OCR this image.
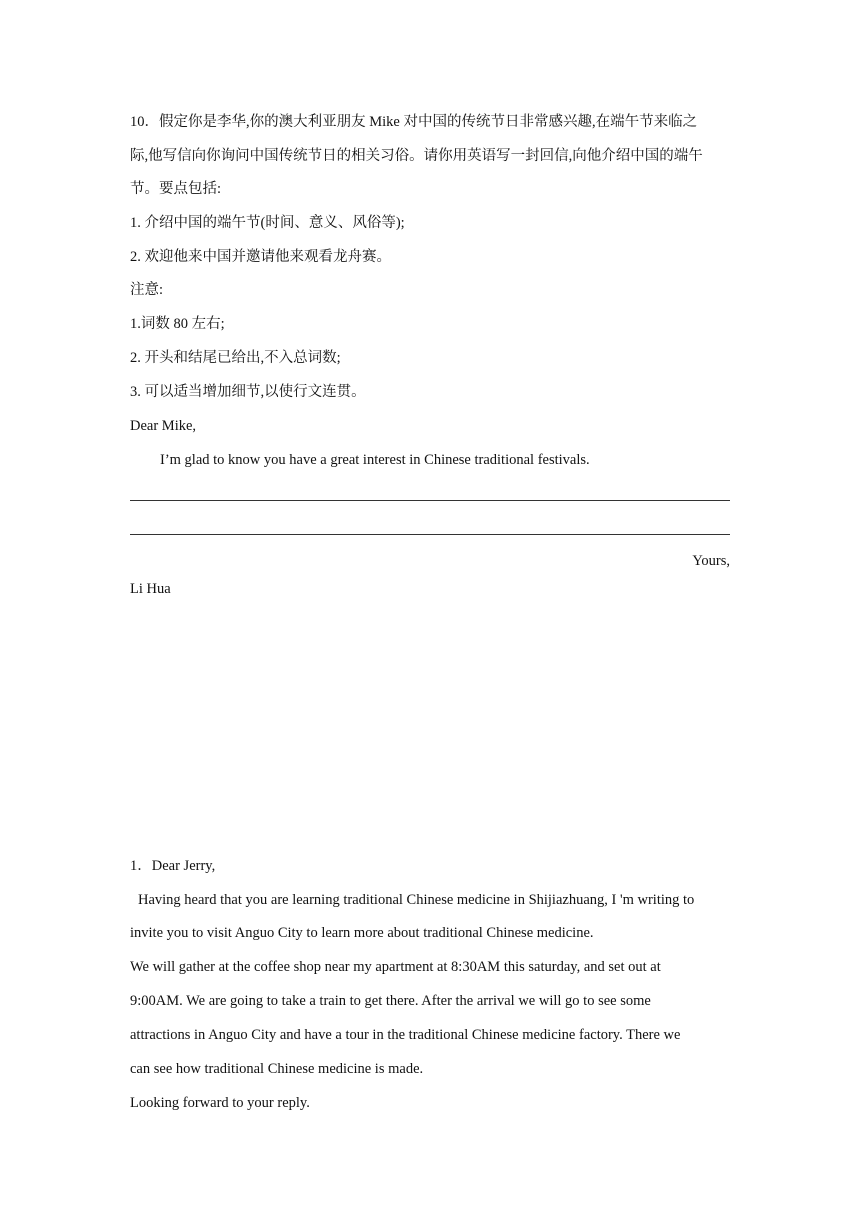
10．假定你是李华,你的澳大利亚朋友 Mike 对中国的传统节日非常感兴趣,在端午节来临之
际,他写信向你询问中国传统节日的相关习俗。请你用英语写一封回信,向他介绍中国的端午
节。要点包括:
1. 介绍中国的端午节(时间、意义、风俗等);
2. 欢迎他来中国并邀请他来观看龙舟赛。
注意:
1.词数 80 左右;
2. 开头和结尾已给出,不入总词数;
3. 可以适当增加细节,以使行文连贯。
Dear Mike,
I’m glad to know you have a great interest in Chinese traditional festivals.
Yours,
Li Hua
1．Dear Jerry,
Having heard that you are learning traditional Chinese medicine in Shijiazhuang, I 'm writing to
invite you to visit Anguo City to learn more about traditional Chinese medicine.
We will gather at the coffee shop near my apartment at 8:30AM this saturday, and set out at
9:00AM. We are going to take a train to get there. After the arrival we will go to see some
attractions in Anguo City and have a tour in the traditional Chinese medicine factory. There we
can see how traditional Chinese medicine is made.
Looking forward to your reply.
